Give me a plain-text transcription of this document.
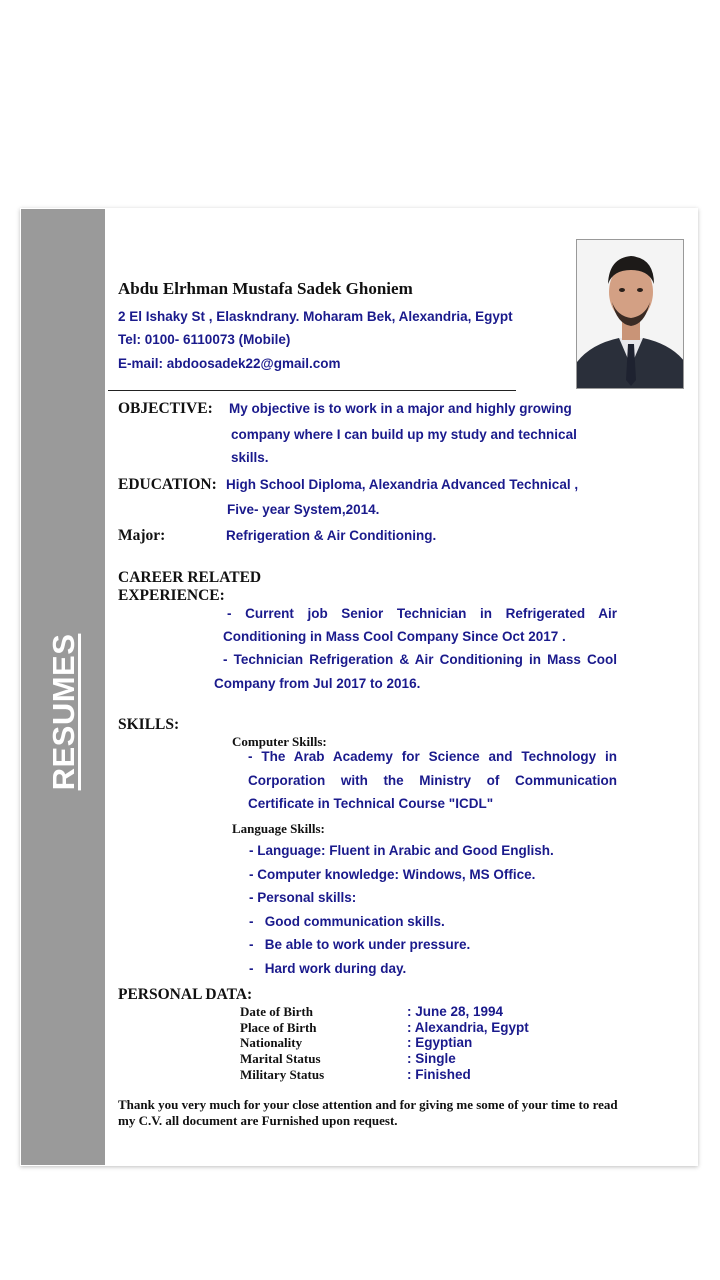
RESUMES
Abdu Elrhman Mustafa Sadek Ghoniem
2 El Ishaky St , Elaskndrany. Moharam Bek, Alexandria, Egypt
Tel: 0100- 6110073 (Mobile)
E-mail: abdoosadek22@gmail.com
OBJECTIVE: My objective is to work in a major and highly growing
company where I can build up my study and technical
skills.
EDUCATION: High School Diploma, Alexandria Advanced Technical ,
Five- year System,2014.
Major:	Refrigeration & Air Conditioning.
CAREER RELATED
EXPERIENCE:
- Current job Senior Technician in Refrigerated Air
Conditioning in Mass Cool Company Since Oct 2017 .
- Technician Refrigeration & Air Conditioning in Mass Cool
Company from Jul 2017 to 2016.
SKILLS:
Computer Skills:
- The Arab Academy for Science and Technology in
Corporation with the Ministry of Communication
Certificate in Technical Course "ICDL"
Language Skills:
- Language: Fluent in Arabic and Good English.
- Computer knowledge: Windows, MS Office.
- Personal skills:
-   Good communication skills.
-   Be able to work under pressure.
-   Hard work during day.
PERSONAL DATA:
Date of Birth	: June 28, 1994
Place of Birth	: Alexandria, Egypt
Nationality	: Egyptian
Marital Status	: Single
Military Status	: Finished
Thank you very much for your close attention and for giving me some of your time to read my C.V. all document are Furnished upon request.
